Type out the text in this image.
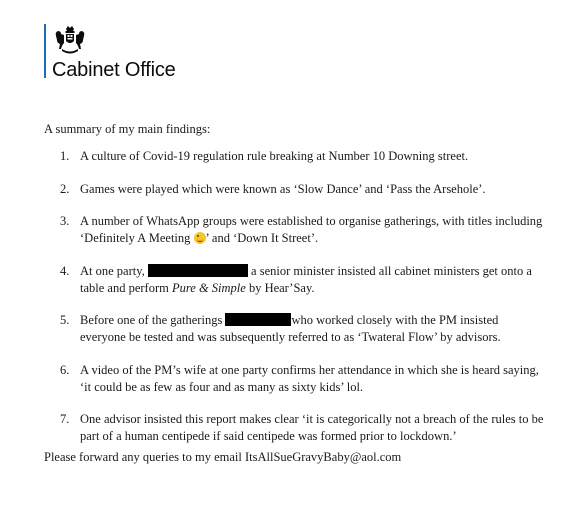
Cabinet Office
A summary of my main findings:
1. A culture of Covid-19 regulation rule breaking at Number 10 Downing street.
2. Games were played which were known as ‘Slow Dance’ and ‘Pass the Arsehole’.
3. A number of WhatsApp groups were established to organise gatherings, with titles including ‘Definitely A Meeting ’ and ‘Down It Street’.
4. At one party,	a senior minister insisted all cabinet ministers get onto a table and perform Pure & Simple by Hear’Say.
5. Before one of the gatherings	who worked closely with the PM insisted everyone be tested and was subsequently referred to as ‘Twateral Flow’ by advisors.
6. A video of the PM’s wife at one party confirms her attendance in which she is heard saying, ‘it could be as few as four and as many as sixty kids’ lol.
7. One advisor insisted this report makes clear ‘it is categorically not a breach of the rules to be part of a human centipede if said centipede was formed prior to lockdown.’
Please forward any queries to my email ItsAllSueGravyBaby@aol.com
